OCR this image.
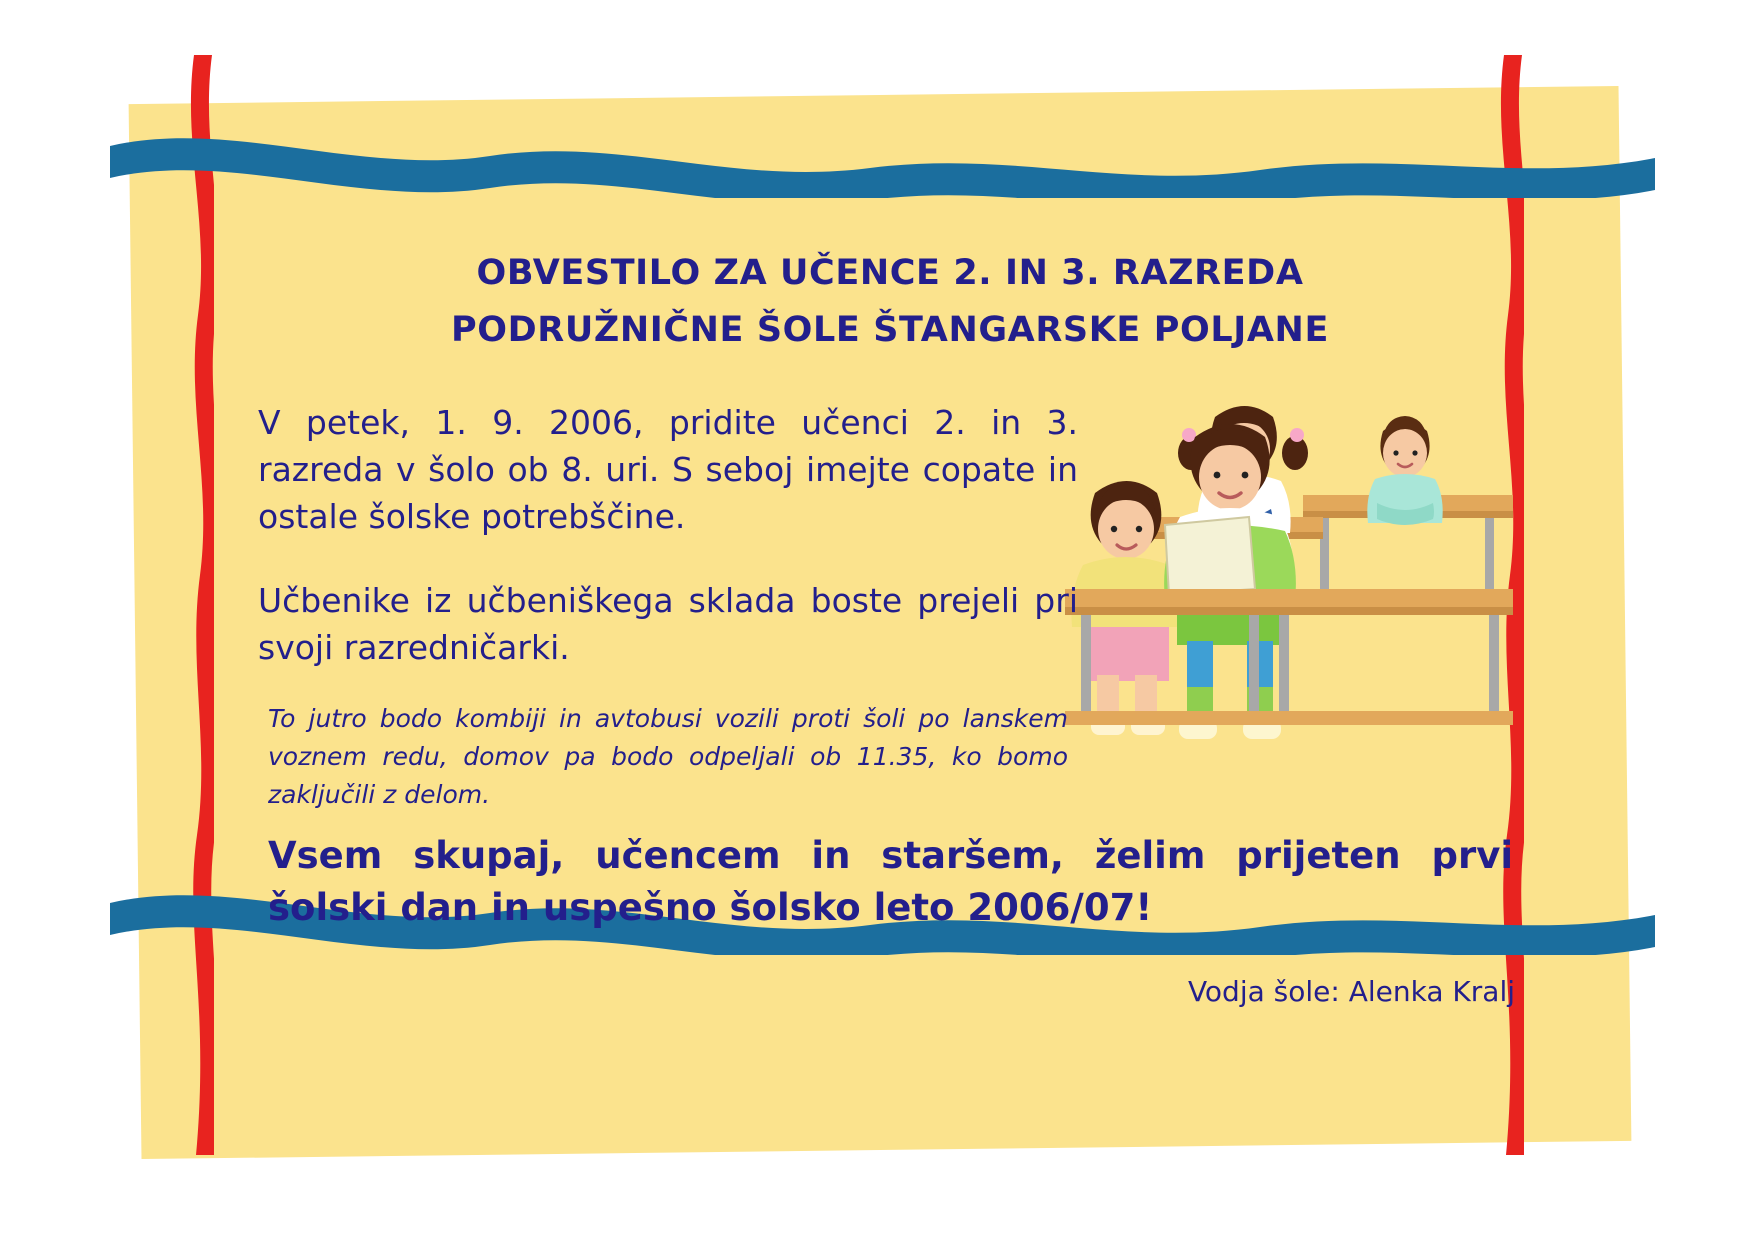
OBVESTILO ZA UČENCE 2. IN 3. RAZREDA
PODRUŽNIČNE ŠOLE ŠTANGARSKE POLJANE
V petek, 1. 9. 2006, pridite učenci 2. in 3. razreda v šolo ob 8. uri. S seboj imejte copate in ostale šolske potrebščine.
Učbenike iz učbeniškega sklada boste prejeli pri svoji razredničarki.
To jutro bodo kombiji in avtobusi vozili proti šoli po lanskem voznem redu, domov pa bodo odpeljali ob 11.35, ko bomo zaključili z delom.
Vsem skupaj, učencem in staršem, želim prijeten prvi šolski dan in uspešno šolsko leto 2006/07!
Vodja šole: Alenka Kralj
